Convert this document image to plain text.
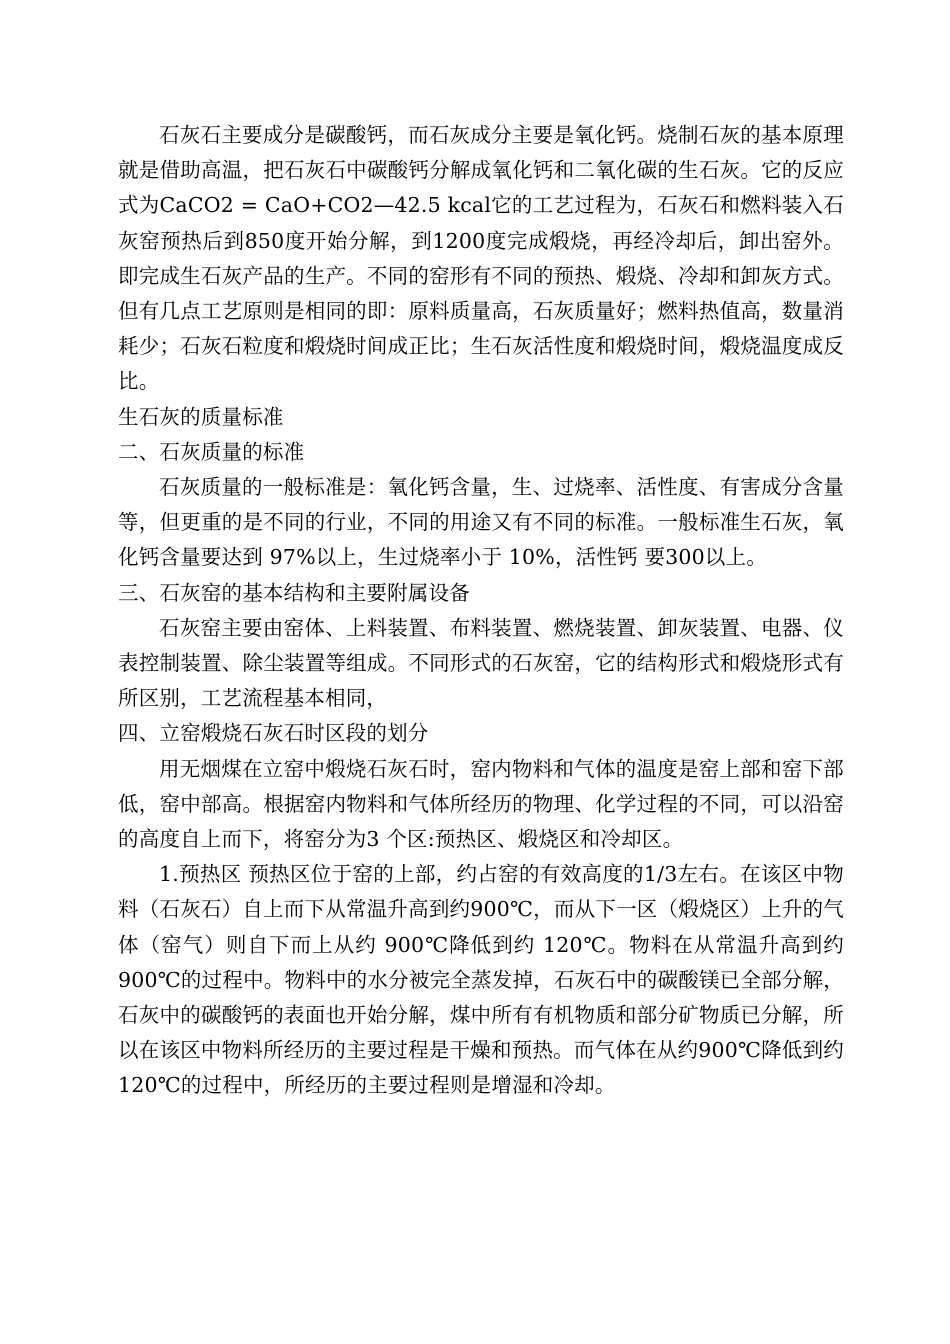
石灰石主要成分是碳酸钙，而石灰成分主要是氧化钙。烧制石灰的基本原理就是借助高温，把石灰石中碳酸钙分解成氧化钙和二氧化碳的生石灰。它的反应式为CaCO2 = CaO+CO2—42.5 kcal它的工艺过程为，石灰石和燃料装入石灰窑预热后到850度开始分解，到1200度完成煅烧，再经冷却后，卸出窑外。即完成生石灰产品的生产。不同的窑形有不同的预热、煅烧、冷却和卸灰方式。但有几点工艺原则是相同的即：原料质量高，石灰质量好；燃料热值高，数量消耗少；石灰石粒度和煅烧时间成正比；生石灰活性度和煅烧时间，煅烧温度成反比。

生石灰的质量标准

二、石灰质量的标准

石灰质量的一般标准是：氧化钙含量，生、过烧率、活性度、有害成分含量等，但更重的是不同的行业，不同的用途又有不同的标准。一般标准生石灰，氧化钙含量要达到 97%以上，生过烧率小于 10%，活性钙 要300以上。

三、石灰窑的基本结构和主要附属设备

石灰窑主要由窑体、上料装置、布料装置、燃烧装置、卸灰装置、电器、仪表控制装置、除尘装置等组成。不同形式的石灰窑，它的结构形式和煅烧形式有所区别，工艺流程基本相同，

四、立窑煅烧石灰石时区段的划分

用无烟煤在立窑中煅烧石灰石时，窑内物料和气体的温度是窑上部和窑下部低，窑中部高。根据窑内物料和气体所经历的物理、化学过程的不同，可以沿窑的高度自上而下，将窑分为3 个区:预热区、煅烧区和冷却区。

1.预热区 预热区位于窑的上部，约占窑的有效高度的1/3左右。在该区中物料（石灰石）自上而下从常温升高到约900℃，而从下一区（煅烧区）上升的气体（窑气）则自下而上从约 900℃降低到约 120℃。物料在从常温升高到约 900℃的过程中。物料中的水分被完全蒸发掉，石灰石中的碳酸镁已全部分解，石灰中的碳酸钙的表面也开始分解，煤中所有有机物质和部分矿物质已分解，所以在该区中物料所经历的主要过程是干燥和预热。而气体在从约900℃降低到约120℃的过程中，所经历的主要过程则是增湿和冷却。
